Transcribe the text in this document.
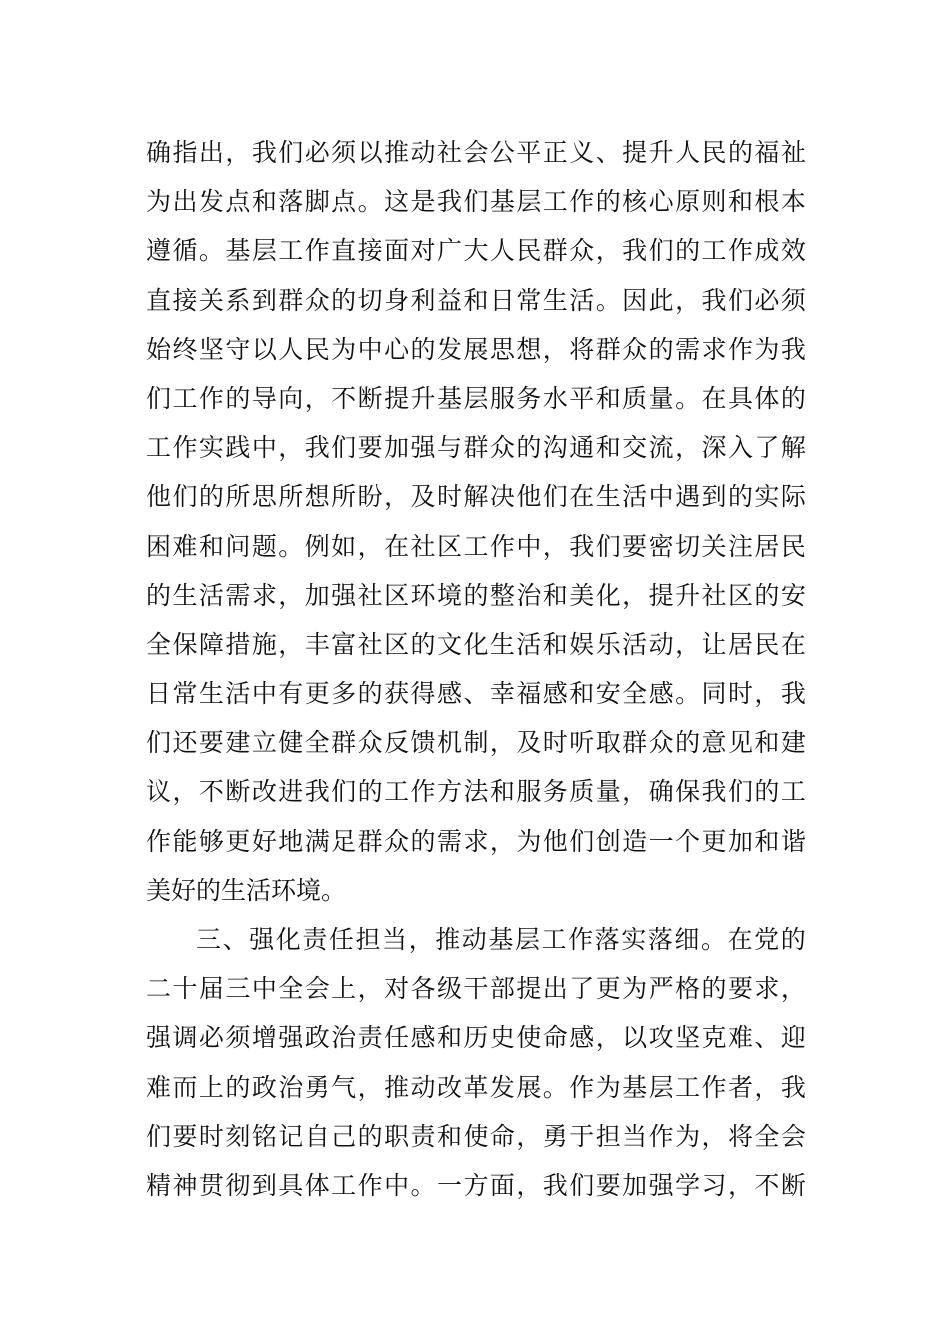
确 指 出 ， 我 们 必 须 以 推 动 社 会 公 平 正 义 、 提 升 人 民 的 福 祉
为 出 发 点 和 落 脚 点 。 这 是 我 们 基 层 工 作 的 核 心 原 则 和 根 本
遵 循 。 基 层 工 作 直 接 面 对 广 大 人 民 群 众 ， 我 们 的 工 作 成 效
直 接 关 系 到 群 众 的 切 身 利 益 和 日 常 生 活 。 因 此 ， 我 们 必 须
始 终 坚 守 以 人 民 为 中 心 的 发 展 思 想 ， 将 群 众 的 需 求 作 为 我
们 工 作 的 导 向 ， 不 断 提 升 基 层 服 务 水 平 和 质 量 。 在 具 体 的
工 作 实 践 中 ， 我 们 要 加 强 与 群 众 的 沟 通 和 交 流 ， 深 入 了 解
他 们 的 所 思 所 想 所 盼 ， 及 时 解 决 他 们 在 生 活 中 遇 到 的 实 际
困 难 和 问 题 。 例 如 ， 在 社 区 工 作 中 ， 我 们 要 密 切 关 注 居 民
的 生 活 需 求 ， 加 强 社 区 环 境 的 整 治 和 美 化 ， 提 升 社 区 的 安
全 保 障 措 施 ， 丰 富 社 区 的 文 化 生 活 和 娱 乐 活 动 ， 让 居 民 在
日 常 生 活 中 有 更 多 的 获 得 感 、 幸 福 感 和 安 全 感 。 同 时 ， 我
们 还 要 建 立 健 全 群 众 反 馈 机 制 ， 及 时 听 取 群 众 的 意 见 和 建
议 ， 不 断 改 进 我 们 的 工 作 方 法 和 服 务 质 量 ， 确 保 我 们 的 工
作 能 够 更 好 地 满 足 群 众 的 需 求 ， 为 他 们 创 造 一 个 更 加 和 谐
美好的生活环境。
三 、 强 化 责 任 担 当 ， 推 动 基 层 工 作 落 实 落 细 。 在 党 的
二 十 届 三 中 全 会 上 ， 对 各 级 干 部 提 出 了 更 为 严 格 的 要 求 ，
强 调 必 须 增 强 政 治 责 任 感 和 历 史 使 命 感 ， 以 攻 坚 克 难 、 迎
难 而 上 的 政 治 勇 气 ， 推 动 改 革 发 展 。 作 为 基 层 工 作 者 ， 我
们 要 时 刻 铭 记 自 己 的 职 责 和 使 命 ， 勇 于 担 当 作 为 ， 将 全 会
精 神 贯 彻 到 具 体 工 作 中 。 一 方 面 ， 我 们 要 加 强 学 习 ， 不 断
